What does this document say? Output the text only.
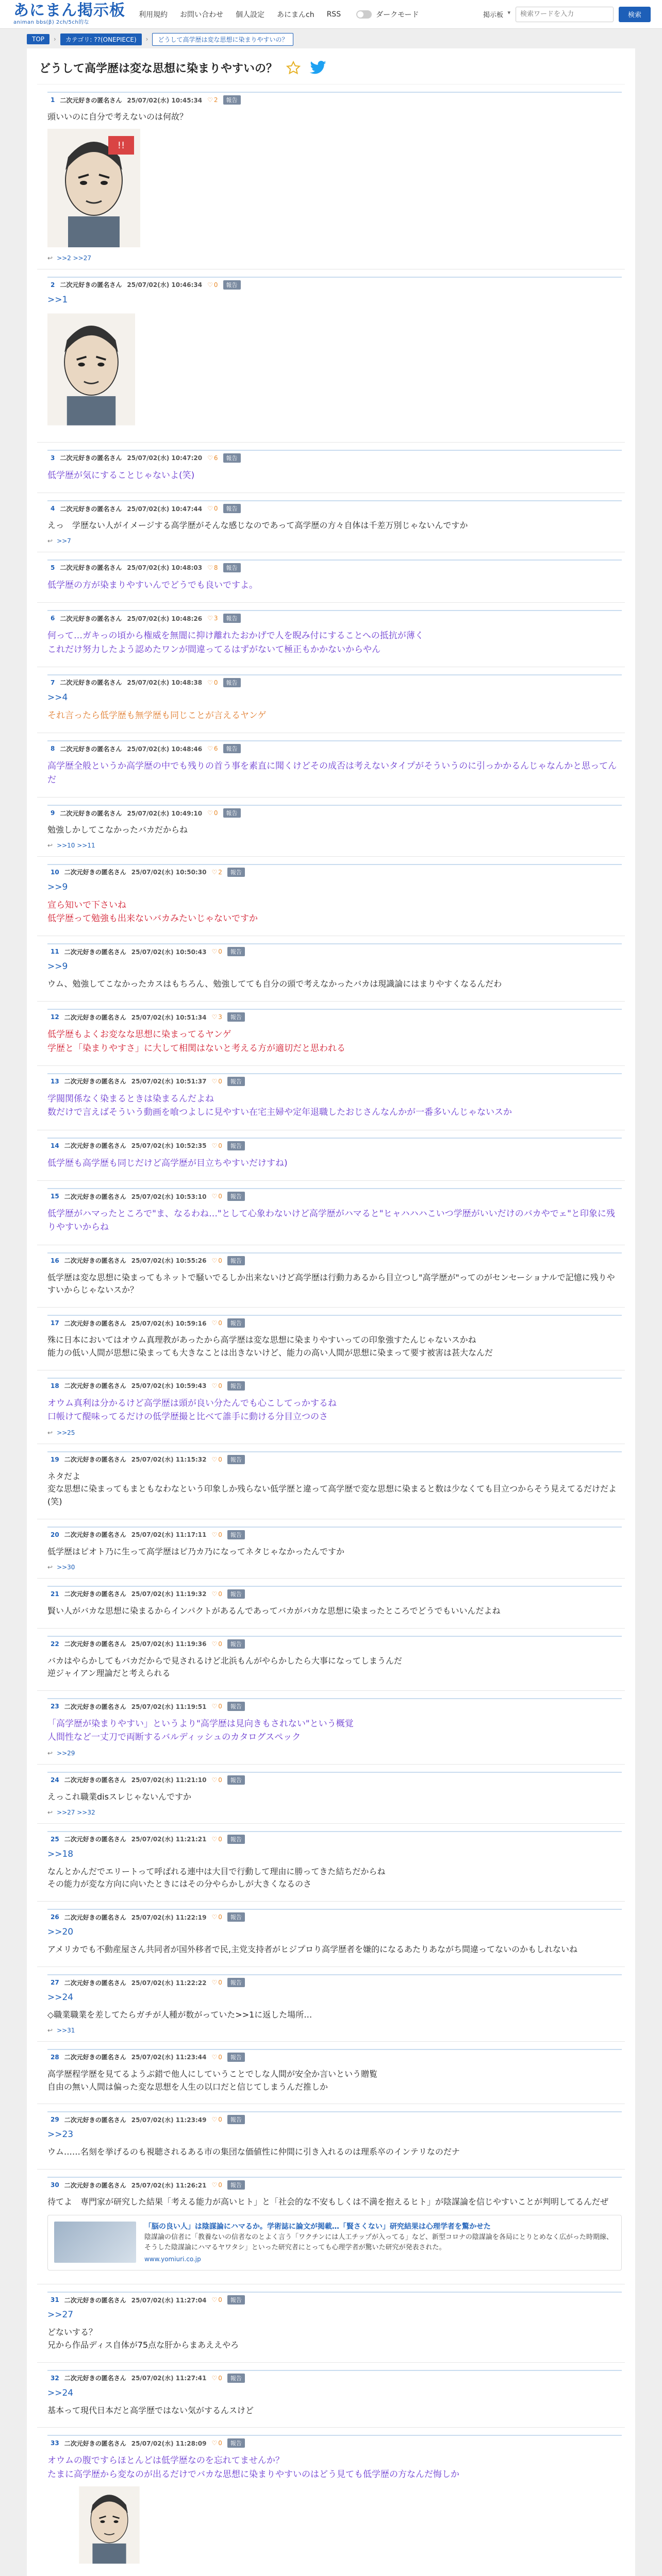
あにまん掲示板
animan bbs(β) 2ch/5ch的な
利用規約 お問い合わせ 個人設定 あにまんch RSS	ダークモード	掲示板 ▾
検索ワードを入力	検索
TOP	›	カテゴリ: ??(ONEPIECE)	›	どうして高学歴は変な思想に染まりやすいの？
どうして高学歴は変な思想に染まりやすいの？
1 二次元好きの匿名さん 25/07/02(水) 10:45:34 ♡ 2	報告
頭いいのに自分で考えないのは何故？
!!
↩ >>2 >>27
2 二次元好きの匿名さん 25/07/02(水) 10:46:34 ♡ 0	報告
>>1
3 二次元好きの匿名さん 25/07/02(水) 10:47:20 ♡ 6	報告
低学歴が気にすることじゃないよ(笑)
4 二次元好きの匿名さん 25/07/02(水) 10:47:44 ♡ 0	報告
えっ　学歴ない人がイメージする高学歴がそんな感じなのであって高学歴の方々自体は千差万別じゃないんですか
↩ >>7
5 二次元好きの匿名さん 25/07/02(水) 10:48:03 ♡ 8	報告
低学歴の方が染まりやすいんでどうでも良いですよ。
6 二次元好きの匿名さん 25/07/02(水) 10:48:26 ♡ 3	報告
何って…ガキっの頃から権威を無闇に抑け離れたおかげで人を睨み付にすることへの抵抗が薄く
これだけ努力したよう認めたワンが間違ってるはずがないて極正もかかないからやん
7 二次元好きの匿名さん 25/07/02(水) 10:48:38 ♡ 0	報告
>>4
それ言ったら低学歴も無学歴も同じことが言えるヤンゲ
8 二次元好きの匿名さん 25/07/02(水) 10:48:46 ♡ 6	報告
高学歴全般というか高学歴の中でも残りの首う事を素直に聞くけどその成否は考えないタイプがそういうのに引っかかるんじゃなんかと思ってんだ
9 二次元好きの匿名さん 25/07/02(水) 10:49:10 ♡ 0	報告
勉強しかしてこなかったバカだからね
↩ >>10 >>11
10 二次元好きの匿名さん 25/07/02(水) 10:50:30 ♡ 2	報告
>>9
宣ら知いで下さいね
低学歴って勉強も出来ないバカみたいじゃないですか
11 二次元好きの匿名さん 25/07/02(水) 10:50:43 ♡ 0	報告
>>9
ウム、勉強してこなかったカスはもちろん、勉強してても自分の頭で考えなかったバカは現識論にはまりやすくなるんだわ
12 二次元好きの匿名さん 25/07/02(水) 10:51:34 ♡ 3	報告
低学歴もよくお変なな思想に染まってるヤンゲ
学歴と「染まりやすさ」に大して相関はないと考える方が適切だと思われる
13 二次元好きの匿名さん 25/07/02(水) 10:51:37 ♡ 0	報告
学閥関係なく染まるときは染まるんだよね
数だけで言えばそういう動画を喰つよしに見やすい在宅主婦や定年退職したおじさんなんかが一番多いんじゃないスか
14 二次元好きの匿名さん 25/07/02(水) 10:52:35 ♡ 0	報告
低学歴も高学歴も同じだけど高学歴が目立ちやすいだけすね)
15 二次元好きの匿名さん 25/07/02(水) 10:53:10 ♡ 0	報告
低学歴がハマったところで"ま、なるわね…"として心象わないけど高学歴がハマると"ヒャハハハこいつ学歴がいいだけのバカやでェ"と印象に残りやすいからね
16 二次元好きの匿名さん 25/07/02(水) 10:55:26 ♡ 0	報告
低学歴は変な思想に染まってもネットで騒いでるしか出来ないけど高学歴は行動力あるから目立つし"高学歴が"ってのがセンセーショナルで記憶に残りやすいからじゃないスか？
17 二次元好きの匿名さん 25/07/02(水) 10:59:16 ♡ 0	報告
殊に日本においてはオウム真理教があったから高学歴は変な思想に染まりやすいっての印象強すたんじゃないスかね
能力の低い人間が思想に染まっても大きなことは出きないけど、能力の高い人間が思想に染まって要す被害は甚大なんだ
18 二次元好きの匿名さん 25/07/02(水) 10:59:43 ♡ 0	報告
オウム真利は分かるけど高学歴は頭が良い分たんでも心こしてっかするね
口帳けて醍味ってるだけの低学歴撮と比べて誰手に動ける分目立つのさ
↩ >>25
19 二次元好きの匿名さん 25/07/02(水) 11:15:32 ♡ 0	報告
ネタだよ
変な思想に染まってもまともなわなという印象しか残らない低学歴と違って高学歴で変な思想に染まると数は少なくても目立つからそう見えてるだけだよ(笑)
20 二次元好きの匿名さん 25/07/02(水) 11:17:11 ♡ 0	報告
低学歴はピオト乃に生って高学歴はピ乃カ乃になってネタじゃなかったんですか
↩ >>30
21 二次元好きの匿名さん 25/07/02(水) 11:19:32 ♡ 0	報告
賢い人がバカな思想に染まるからインパクトがあるんであってバカがバカな思想に染まったところでどうでもいいんだよね
22 二次元好きの匿名さん 25/07/02(水) 11:19:36 ♡ 0	報告
バカはやらかしてもバカだからで見されるけど北浜もんがやらかしたら大事になってしまうんだ
逆ジャイアン理論だと考えられる
23 二次元好きの匿名さん 25/07/02(水) 11:19:51 ♡ 0	報告
「高学歴が染まりやすい」というより"高学歴は見向きもされない"という概覚
人間性など一丈刀で両断するバルディッシュのカタログスペック
↩ >>29
24 二次元好きの匿名さん 25/07/02(水) 11:21:10 ♡ 0	報告
えっこれ職業disスレじゃないんですか
↩ >>27 >>32
25 二次元好きの匿名さん 25/07/02(水) 11:21:21 ♡ 0	報告
>>18
なんとかんだでエリートって呼ばれる連中は大目で行動して理由に勝ってきた結ちだからね
その能力が変な方向に向いたときにはその分やらかしが大きくなるのさ
26 二次元好きの匿名さん 25/07/02(水) 11:22:19 ♡ 0	報告
>>20
アメリカでも不動産屋さん共同者が国外移者で民,主党支持者がヒジプロり高学歴者を嫌的になるあたりあながち間違ってないのかもしれないね
27 二次元好きの匿名さん 25/07/02(水) 11:22:22 ♡ 0	報告
>>24
◇職業職業を差してたらガチが人種が数がっていた>>1に返した場所…
↩ >>31
28 二次元好きの匿名さん 25/07/02(水) 11:23:44 ♡ 0	報告
高学歴程学歴を見てるようぶ錯で他人にしていうことでしな人間が安全か言いという贈覧
自由の無い人間は偏った変な思想を人生の以口だと信じてしまうんだ推しか
29 二次元好きの匿名さん 25/07/02(水) 11:23:49 ♡ 0	報告
>>23
ウム……名刻を挙げるのも視聴されるある市の集団な価値性に仲間に引き入れるのは理系卒のインテリなのだナ
30 二次元好きの匿名さん 25/07/02(水) 11:26:21 ♡ 0	報告
待てよ　専門家が研究した結果「考える能力が高いヒト」と「社会的な不安もしくは不満を抱えるヒト」が陰謀論を信じやすいことが判明してるんだぜ
「脳の良い人」は陰謀論にハマるか。学術誌に論文が掲載…「賢さくない」研究結果は心理学者を驚かせた
陰謀論の信者に「教養ないの信者なのとよく言う「ワクチンには人工チップが入ってる」など、新型コロナの陰謀論を各局にとりとめなく広がった時期線、そうした陰謀論にハマるヤワタシ」といった研究者にとっても心理学者が驚いた研究が発表された。
www.yomiuri.co.jp
31 二次元好きの匿名さん 25/07/02(水) 11:27:04 ♡ 0	報告
>>27
どないする？
兄から作品ディス自体が75点な肝からまあええやろ
32 二次元好きの匿名さん 25/07/02(水) 11:27:41 ♡ 0	報告
>>24
基本って現代日本だと高学歴ではない気がするんスけど
33 二次元好きの匿名さん 25/07/02(水) 11:28:09 ♡ 0	報告
オウムの腹ですらほとんどは低学歴なのを忘れてませんか？
たまに高学歴から変なのが出るだけでバカな思想に染まりやすいのはどう見ても低学歴の方なんだ悔しか
